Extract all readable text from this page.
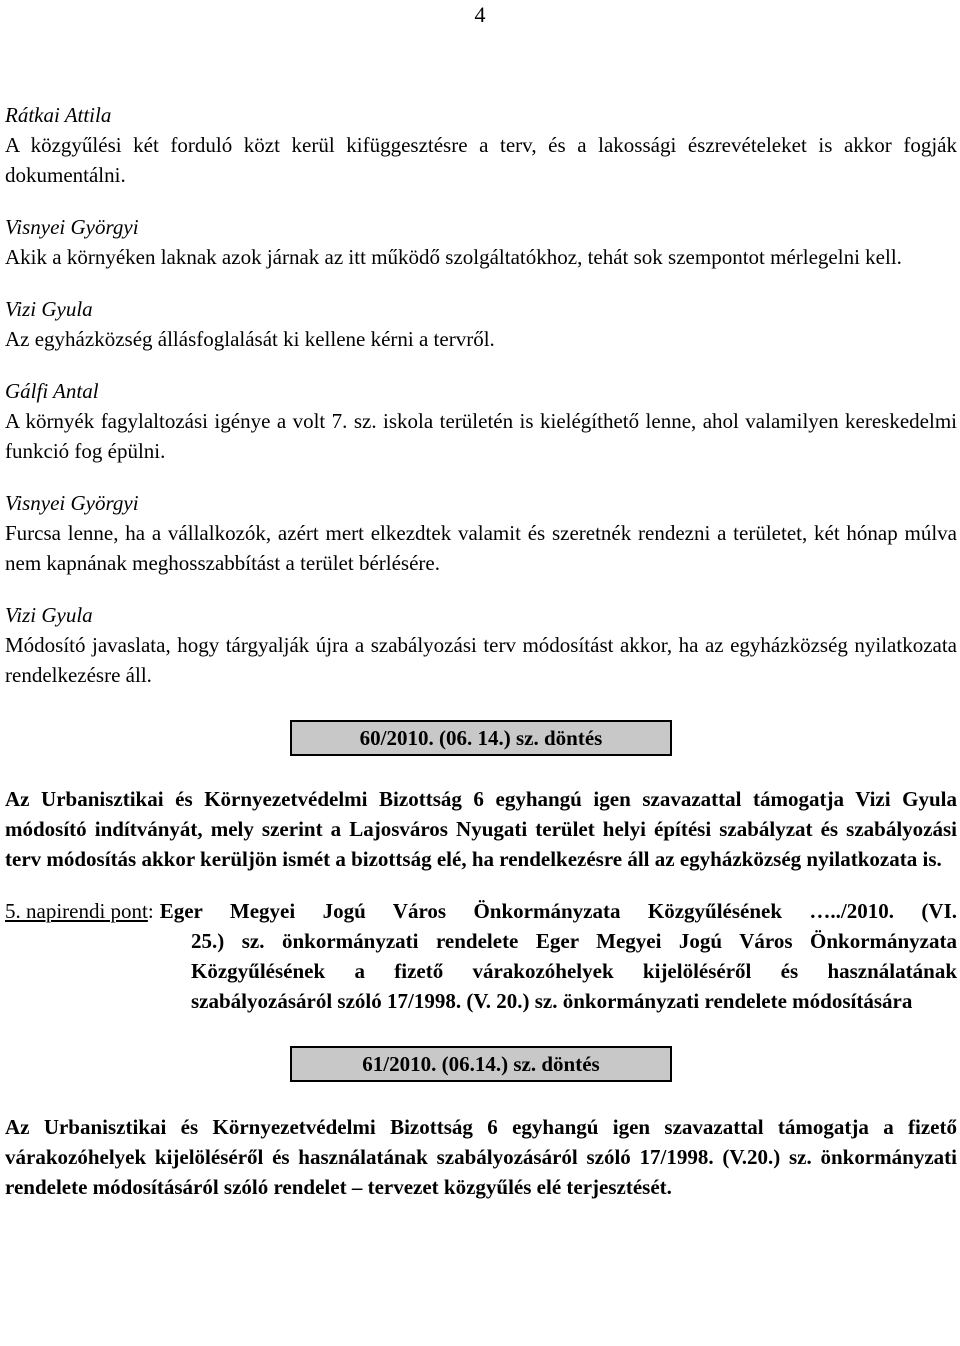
4

Rátkai Attila

A közgyűlési két forduló közt kerül kifüggesztésre a terv, és a lakossági észrevételeket is akkor fogják dokumentálni.

Visnyei Györgyi

Akik a környéken laknak azok járnak az itt működő szolgáltatókhoz, tehát sok szempontot mérlegelni kell.

Vizi Gyula

Az egyházközség állásfoglalását ki kellene kérni a tervről.

Gálfi Antal

A környék fagylaltozási igénye a volt 7. sz. iskola területén is kielégíthető lenne, ahol valamilyen kereskedelmi funkció fog épülni.

Visnyei Györgyi

Furcsa lenne, ha a vállalkozók, azért mert elkezdtek valamit és szeretnék rendezni a területet, két hónap múlva nem kapnának meghosszabbítást a terület bérlésére.

Vizi Gyula

Módosító javaslata, hogy tárgyalják újra a szabályozási terv módosítást akkor, ha az egyházközség nyilatkozata rendelkezésre áll.

60/2010. (06. 14.) sz. döntés

Az Urbanisztikai és Környezetvédelmi Bizottság 6 egyhangú igen szavazattal támogatja Vizi Gyula módosító indítványát, mely szerint a Lajosváros Nyugati terület helyi építési szabályzat és szabályozási terv módosítás akkor kerüljön ismét a bizottság elé, ha rendelkezésre áll az egyházközség nyilatkozata is.

5. napirendi pont: Eger Megyei Jogú Város Önkormányzata Közgyűlésének …../2010. (VI.
25.) sz. önkormányzati rendelete Eger Megyei Jogú Város Önkormányzata Közgyűlésének a fizető várakozóhelyek kijelöléséről és használatának szabályozásáról szóló 17/1998. (V. 20.) sz. önkormányzati rendelete módosítására
61/2010. (06.14.) sz. döntés

Az Urbanisztikai és Környezetvédelmi Bizottság 6 egyhangú igen szavazattal támogatja a fizető várakozóhelyek kijelöléséről és használatának szabályozásáról szóló 17/1998. (V.20.) sz. önkormányzati rendelete módosításáról szóló rendelet – tervezet közgyűlés elé terjesztését.
